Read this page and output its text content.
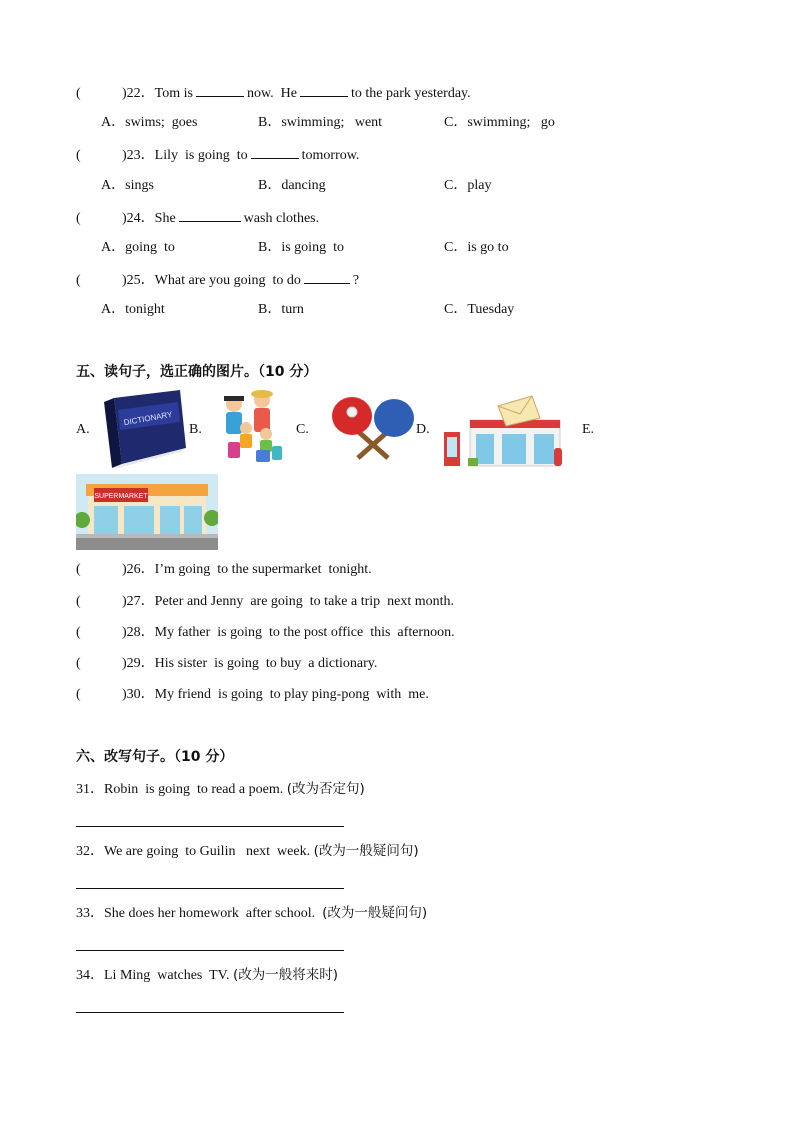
(	)22．Tom is	now.  He	to the park yesterday.
A．swims;  goes	B．swimming;   went	C．swimming;   go
(	)23．Lily  is going  to	tomorrow.
A．sings	B．dancing	C．play
(	)24．She	wash clothes.
A．going  to	B．is going  to	C．is go to
(	)25．What are you going  to do	?
A．tonight	B．turn	C．Tuesday
五、读句子，选正确的图片。（10 分）
A.
DICTIONARY
B.	C.	D.	E.
SUPERMARKET
(	)26．I’m going  to the supermarket  tonight.
(	)27．Peter and Jenny  are going  to take a trip  next month.
(	)28．My father  is going  to the post office  this  afternoon.
(	)29．His sister  is going  to buy  a dictionary.
(	)30．My friend  is going  to play ping-pong  with  me.
六、改写句子。（10 分）
31．Robin  is going  to read a poem. (改为否定句)
32．We are going  to Guilin   next  week. (改为一般疑问句)
33．She does her homework  after school.  (改为一般疑问句)
34．Li Ming  watches  TV. (改为一般将来时)
